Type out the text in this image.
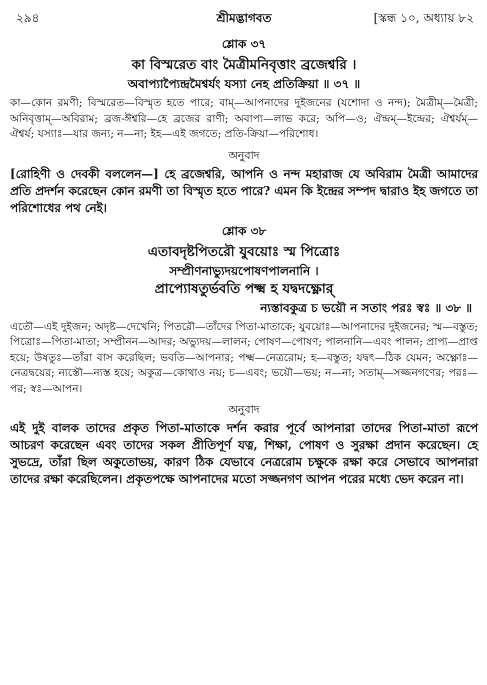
২৯৪	শ্রীমদ্ভাগবত	[স্কন্ধ ১০, অধ্যায় ৮২
শ্লোক ৩৭
কা বিস্মরেত বাং মৈত্রীমনিবৃত্তাং ব্রজেশ্বরি ।
অবাপ্যাপ্যৈন্দ্রমৈশ্বর্যং যস্যা নেহ প্রতিক্রিয়া ॥ ৩৭ ॥
কা—কোন রমণী; বিস্মরেত—বিস্মৃত হতে পারে; বাম্—আপনাদের দুইজনের (যশোদা ও নন্দ); মৈত্রীম্—মৈত্রী; অনিবৃত্তাম্—অবিরাম; ব্রজ-ঈশ্বরি—হে ব্রজের রাণী; অবাপ্য—লাভ করে; অপি—ও; ঐন্দ্রম্—ইন্দ্রের; ঐশ্বর্যম্—ঐশ্বর্য; যস্যাঃ—যার জন্য; ন—না; ইহ—এই জগতে; প্রতি-ক্রিয়া—পরিশোধ।
অনুবাদ
[রোহিণী ও দেবকী বললেন—] হে ব্রজেশ্বরি, আপনি ও নন্দ মহারাজ যে অবিরাম মৈত্রী আমাদের প্রতি প্রদর্শন করেছেন কোন রমণী তা বিস্মৃত হতে পারে? এমন কি ইন্দ্রের সম্পদ দ্বারাও ইহ জগতে তা পরিশোধের পথ নেই।
শ্লোক ৩৮
এতাবদৃষ্টপিতরৌ যুবয়োঃ স্ম পিত্রোঃ
সম্প্রীণনাভ্যুদয়পোষণপালনানি ।
প্রাপ্যোষতুর্ভবতি পক্ষ্ম হ যদ্বদক্ষ্ণোর্
ন্যস্তাবকুত্র চ ভয়ৌ ন সতাং পরঃ স্বঃ ॥ ৩৮ ॥
এতৌ—এই দুইজন; অদৃষ্ট—দেখেনি; পিতরৌ—তাঁদের পিতা-মাতাকে; যুবয়োঃ—আপনাদের দুইজনের; স্ম—বস্তুত; পিত্রোঃ—পিতা-মাতা; সম্প্রীনন—আদর; অভ্যুদয়—লালন; পোষণ—পোষণ; পালনানি—এবং পালন; প্রাপ্য—প্রাপ্ত হয়ে; উষতুঃ—তাঁরা বাস করেছিল; ভবতি—আপনার; পক্ষ্ম—নেত্ররোম; হ—বস্তুত; যদ্বৎ—ঠিক যেমন; অক্ষ্ণোঃ—নেত্রদ্বয়ের; ন্যস্তৌ—ন্যস্ত হয়ে; অকুত্র—কোথাও নয়; চ—এবং; ভয়ৌ—ভয়; ন—না; সতাম্—সজ্জনগণের; পরঃ—পর; স্বঃ—আপন।
অনুবাদ
এই দুই বালক তাদের প্রকৃত পিতা-মাতাকে দর্শন করার পূর্বে আপনারা তাদের পিতা-মাতা রূপে আচরণ করেছেন এবং তাদের সকল প্রীতিপূর্ণ যত্ন, শিক্ষা, পোষণ ও সুরক্ষা প্রদান করেছেন। হে সুভদ্রে, তাঁরা ছিল অকুতোভয়, কারণ ঠিক যেভাবে নেত্ররোম চক্ষুকে রক্ষা করে সেভাবে আপনারা তাদের রক্ষা করেছিলেন। প্রকৃতপক্ষে আপনাদের মতো সজ্জনগণ আপন পরের মধ্যে ভেদ করেন না।
